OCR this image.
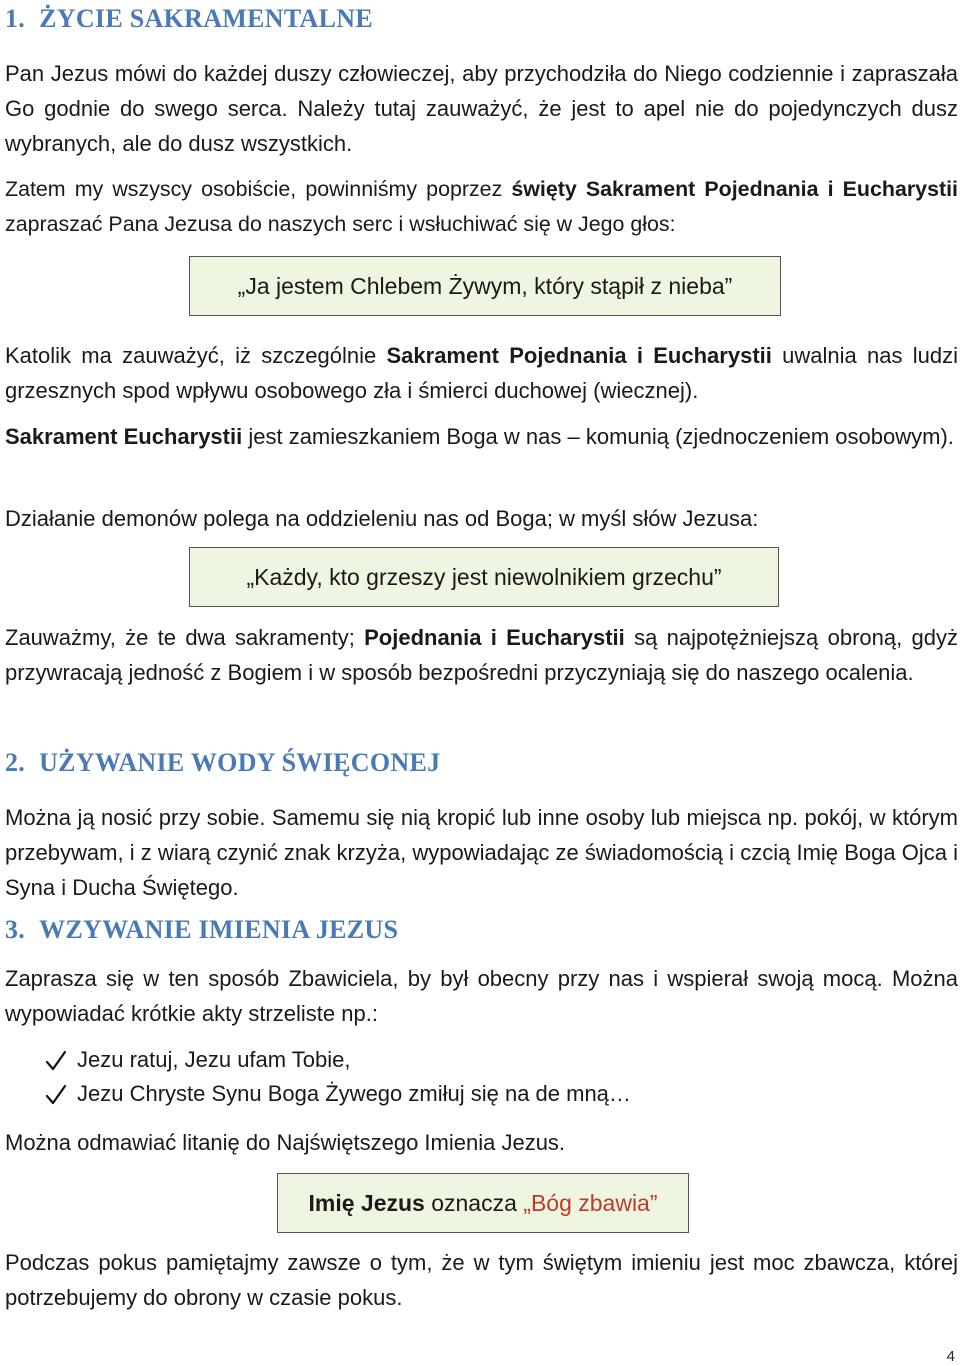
1. ŻYCIE SAKRAMENTALNE

Pan Jezus mówi do każdej duszy człowieczej, aby przychodziła do Niego codziennie i zapraszała Go godnie do swego serca. Należy tutaj zauważyć, że jest to apel nie do pojedynczych dusz wybranych, ale do dusz wszystkich.

Zatem my wszyscy osobiście, powinniśmy poprzez święty Sakrament Pojednania i Eucharystii zapraszać Pana Jezusa do naszych serc i wsłuchiwać się w Jego głos:

„Ja jestem Chlebem Żywym, który stąpił z nieba”

Katolik ma zauważyć, iż szczególnie Sakrament Pojednania i Eucharystii uwalnia nas ludzi grzesznych spod wpływu osobowego zła i śmierci duchowej (wiecznej).

Sakrament Eucharystii jest zamieszkaniem Boga w nas – komunią (zjednoczeniem osobowym).

Działanie demonów polega na oddzieleniu nas od Boga; w myśl słów Jezusa:

„Każdy, kto grzeszy jest niewolnikiem grzechu”

Zauważmy, że te dwa sakramenty; Pojednania i Eucharystii są najpotężniejszą obroną, gdyż przywracają jedność z Bogiem i w sposób bezpośredni przyczyniają się do naszego ocalenia.

2. UŻYWANIE WODY ŚWIĘCONEJ

Można ją nosić przy sobie. Samemu się nią kropić lub inne osoby lub miejsca np. pokój, w którym przebywam, i z wiarą czynić znak krzyża, wypowiadając ze świadomością i czcią Imię Boga Ojca i Syna i Ducha Świętego.

3. WZYWANIE IMIENIA JEZUS

Zaprasza się w ten sposób Zbawiciela, by był obecny przy nas i wspierał swoją mocą. Można wypowiadać krótkie akty strzeliste np.:

Jezu ratuj, Jezu ufam Tobie,
Jezu Chryste Synu Boga Żywego zmiłuj się na de mną…

Można odmawiać litanię do Najświętszego Imienia Jezus.

Imię Jezus oznacza „Bóg zbawia”

Podczas pokus pamiętajmy zawsze o tym, że w tym świętym imieniu jest moc zbawcza, której potrzebujemy do obrony w czasie pokus.

4
